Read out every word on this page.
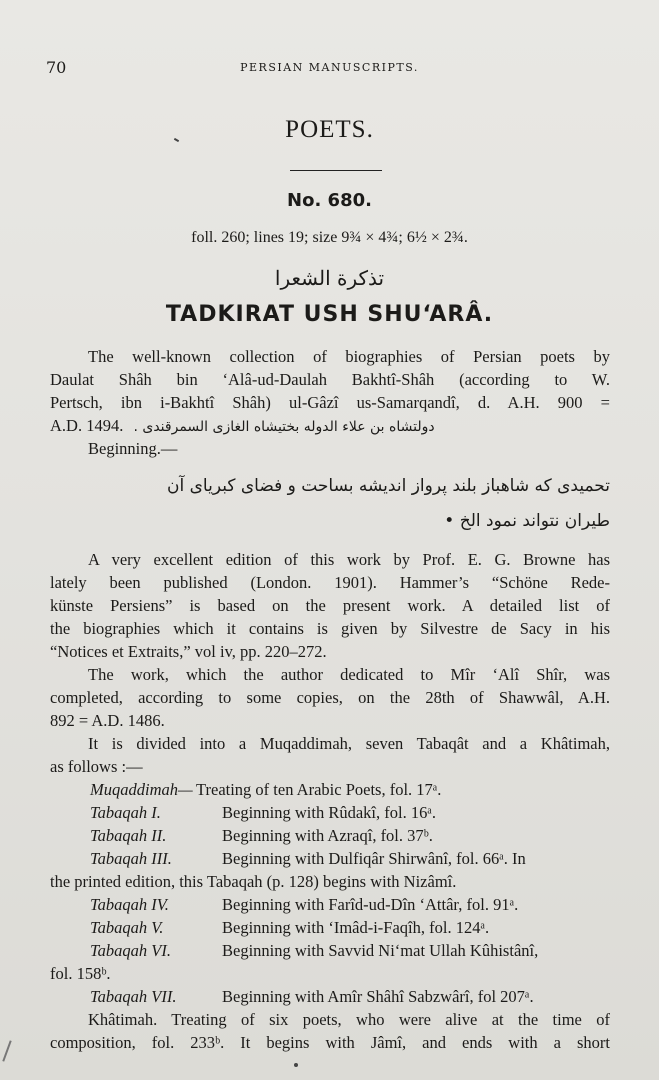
70	PERSIAN MANUSCRIPTS.
POETS.
No. 680.
foll. 260; lines 19; size 9¾ × 4¾; 6½ × 2¾.
تذکرة الشعرا
TADKIRAT USH SHU‘ARÂ.
The well-known collection of biographies of Persian poets by
Daulat Shâh bin ‘Alâ-ud-Daulah Bakhtî-Shâh (according to W.
Pertsch, ibn i-Bakhtî Shâh) ul-Gâzî us-Samarqandî, d. A.H. 900 =
A.D. 1494. دولتشاه بن علاء الدوله بختیشاه الغازی السمرقندی .
Beginning.—
تحمیدی که شاهباز بلند پرواز اندیشه بساحت و فضای کبریای آن
طیران نتواند نمود الخ •
A very excellent edition of this work by Prof. E. G. Browne has
lately been published (London. 1901). Hammer’s “Schöne Rede-
künste Persiens” is based on the present work. A detailed list of
the biographies which it contains is given by Silvestre de Sacy in his
“Notices et Extraits,” vol iv, pp. 220–272.
The work, which the author dedicated to Mîr ‘Alî Shîr, was
completed, according to some copies, on the 28th of Shawwâl, A.H.
892 = A.D. 1486.
It is divided into a Muqaddimah, seven Tabaqât and a Khâtimah,
as follows :—
Muqaddimah— Treating of ten Arabic Poets, fol. 17ᵃ.
Tabaqah I.	Beginning with Rûdakî, fol. 16ᵃ.
Tabaqah II.	Beginning with Azraqî, fol. 37ᵇ.
Tabaqah III.	Beginning with Dulfiqâr Shirwânî, fol. 66ᵃ. In
the printed edition, this Tabaqah (p. 128) begins with Nizâmî.
Tabaqah IV.	Beginning with Farîd-ud-Dîn ‘Attâr, fol. 91ᵃ.
Tabaqah V.	Beginning with ‘Imâd-i-Faqîh, fol. 124ᵃ.
Tabaqah VI.	Beginning with Savvid Ni‘mat Ullah Kûhistânî,
fol. 158ᵇ.
Tabaqah VII.	Beginning with Amîr Shâhî Sabzwârî, fol 207ᵃ.
Khâtimah. Treating of six poets, who were alive at the time of
composition, fol. 233ᵇ. It begins with Jâmî, and ends with a short
